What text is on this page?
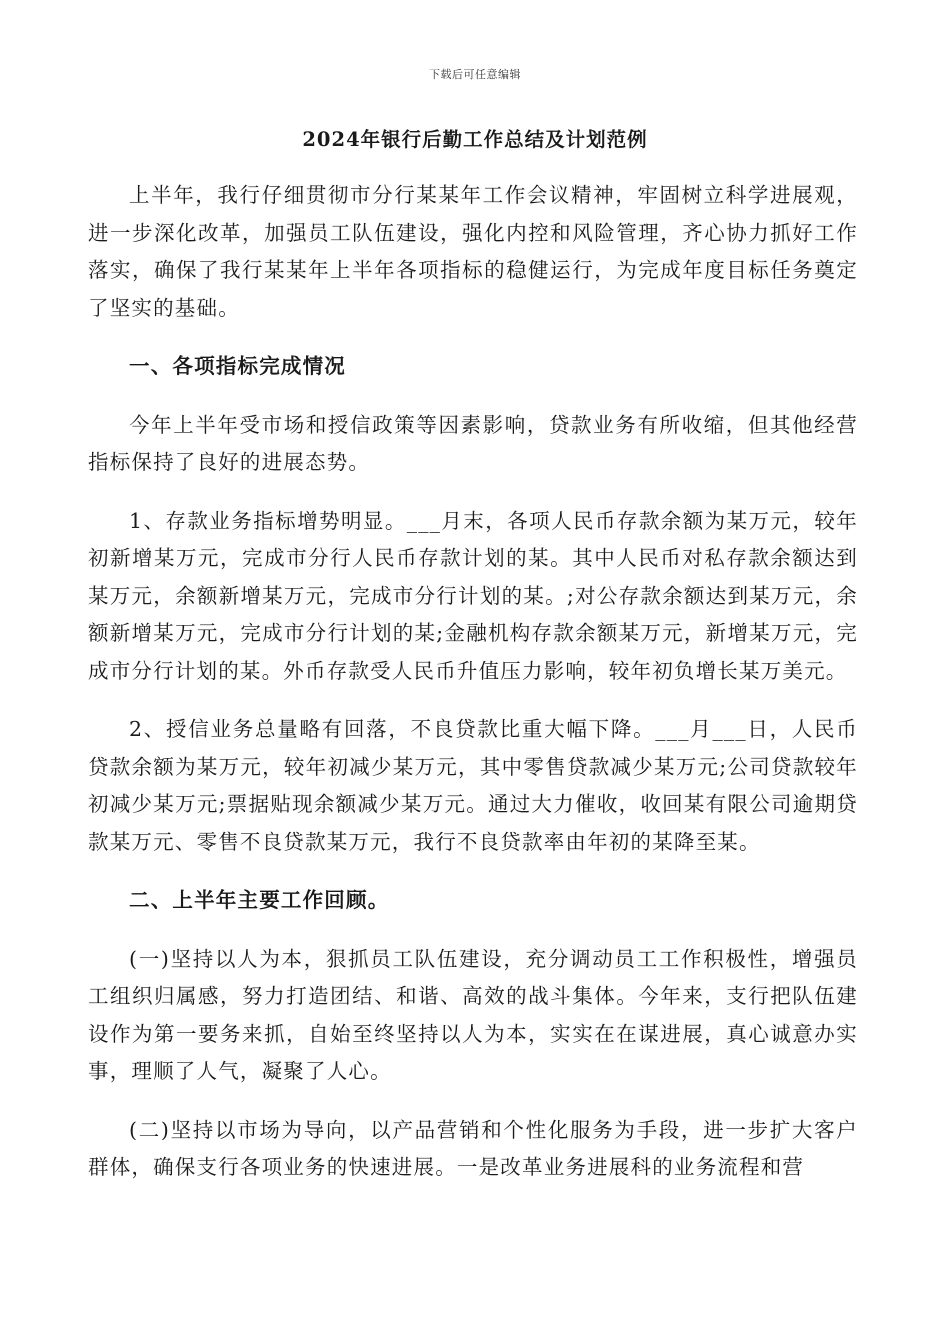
下载后可任意编辑
2024年银行后勤工作总结及计划范例

上半年，我行仔细贯彻市分行某某年工作会议精神，牢固树立科学进展观，进一步深化改革，加强员工队伍建设，强化内控和风险管理，齐心协力抓好工作落实，确保了我行某某年上半年各项指标的稳健运行，为完成年度目标任务奠定了坚实的基础。

一、各项指标完成情况

今年上半年受市场和授信政策等因素影响，贷款业务有所收缩，但其他经营指标保持了良好的进展态势。

1、存款业务指标增势明显。___月末，各项人民币存款余额为某万元，较年初新增某万元，完成市分行人民币存款计划的某。其中人民币对私存款余额达到某万元，余额新增某万元，完成市分行计划的某。;对公存款余额达到某万元，余额新增某万元，完成市分行计划的某;金融机构存款余额某万元，新增某万元，完成市分行计划的某。外币存款受人民币升值压力影响，较年初负增长某万美元。

2、授信业务总量略有回落，不良贷款比重大幅下降。___月___日，人民币贷款余额为某万元，较年初减少某万元，其中零售贷款减少某万元;公司贷款较年初减少某万元;票据贴现余额减少某万元。通过大力催收，收回某有限公司逾期贷款某万元、零售不良贷款某万元，我行不良贷款率由年初的某降至某。

二、上半年主要工作回顾。

(一)坚持以人为本，狠抓员工队伍建设，充分调动员工工作积极性，增强员工组织归属感，努力打造团结、和谐、高效的战斗集体。今年来，支行把队伍建设作为第一要务来抓，自始至终坚持以人为本，实实在在谋进展，真心诚意办实事，理顺了人气，凝聚了人心。

(二)坚持以市场为导向，以产品营销和个性化服务为手段，进一步扩大客户群体，确保支行各项业务的快速进展。一是改革业务进展科的业务流程和营
